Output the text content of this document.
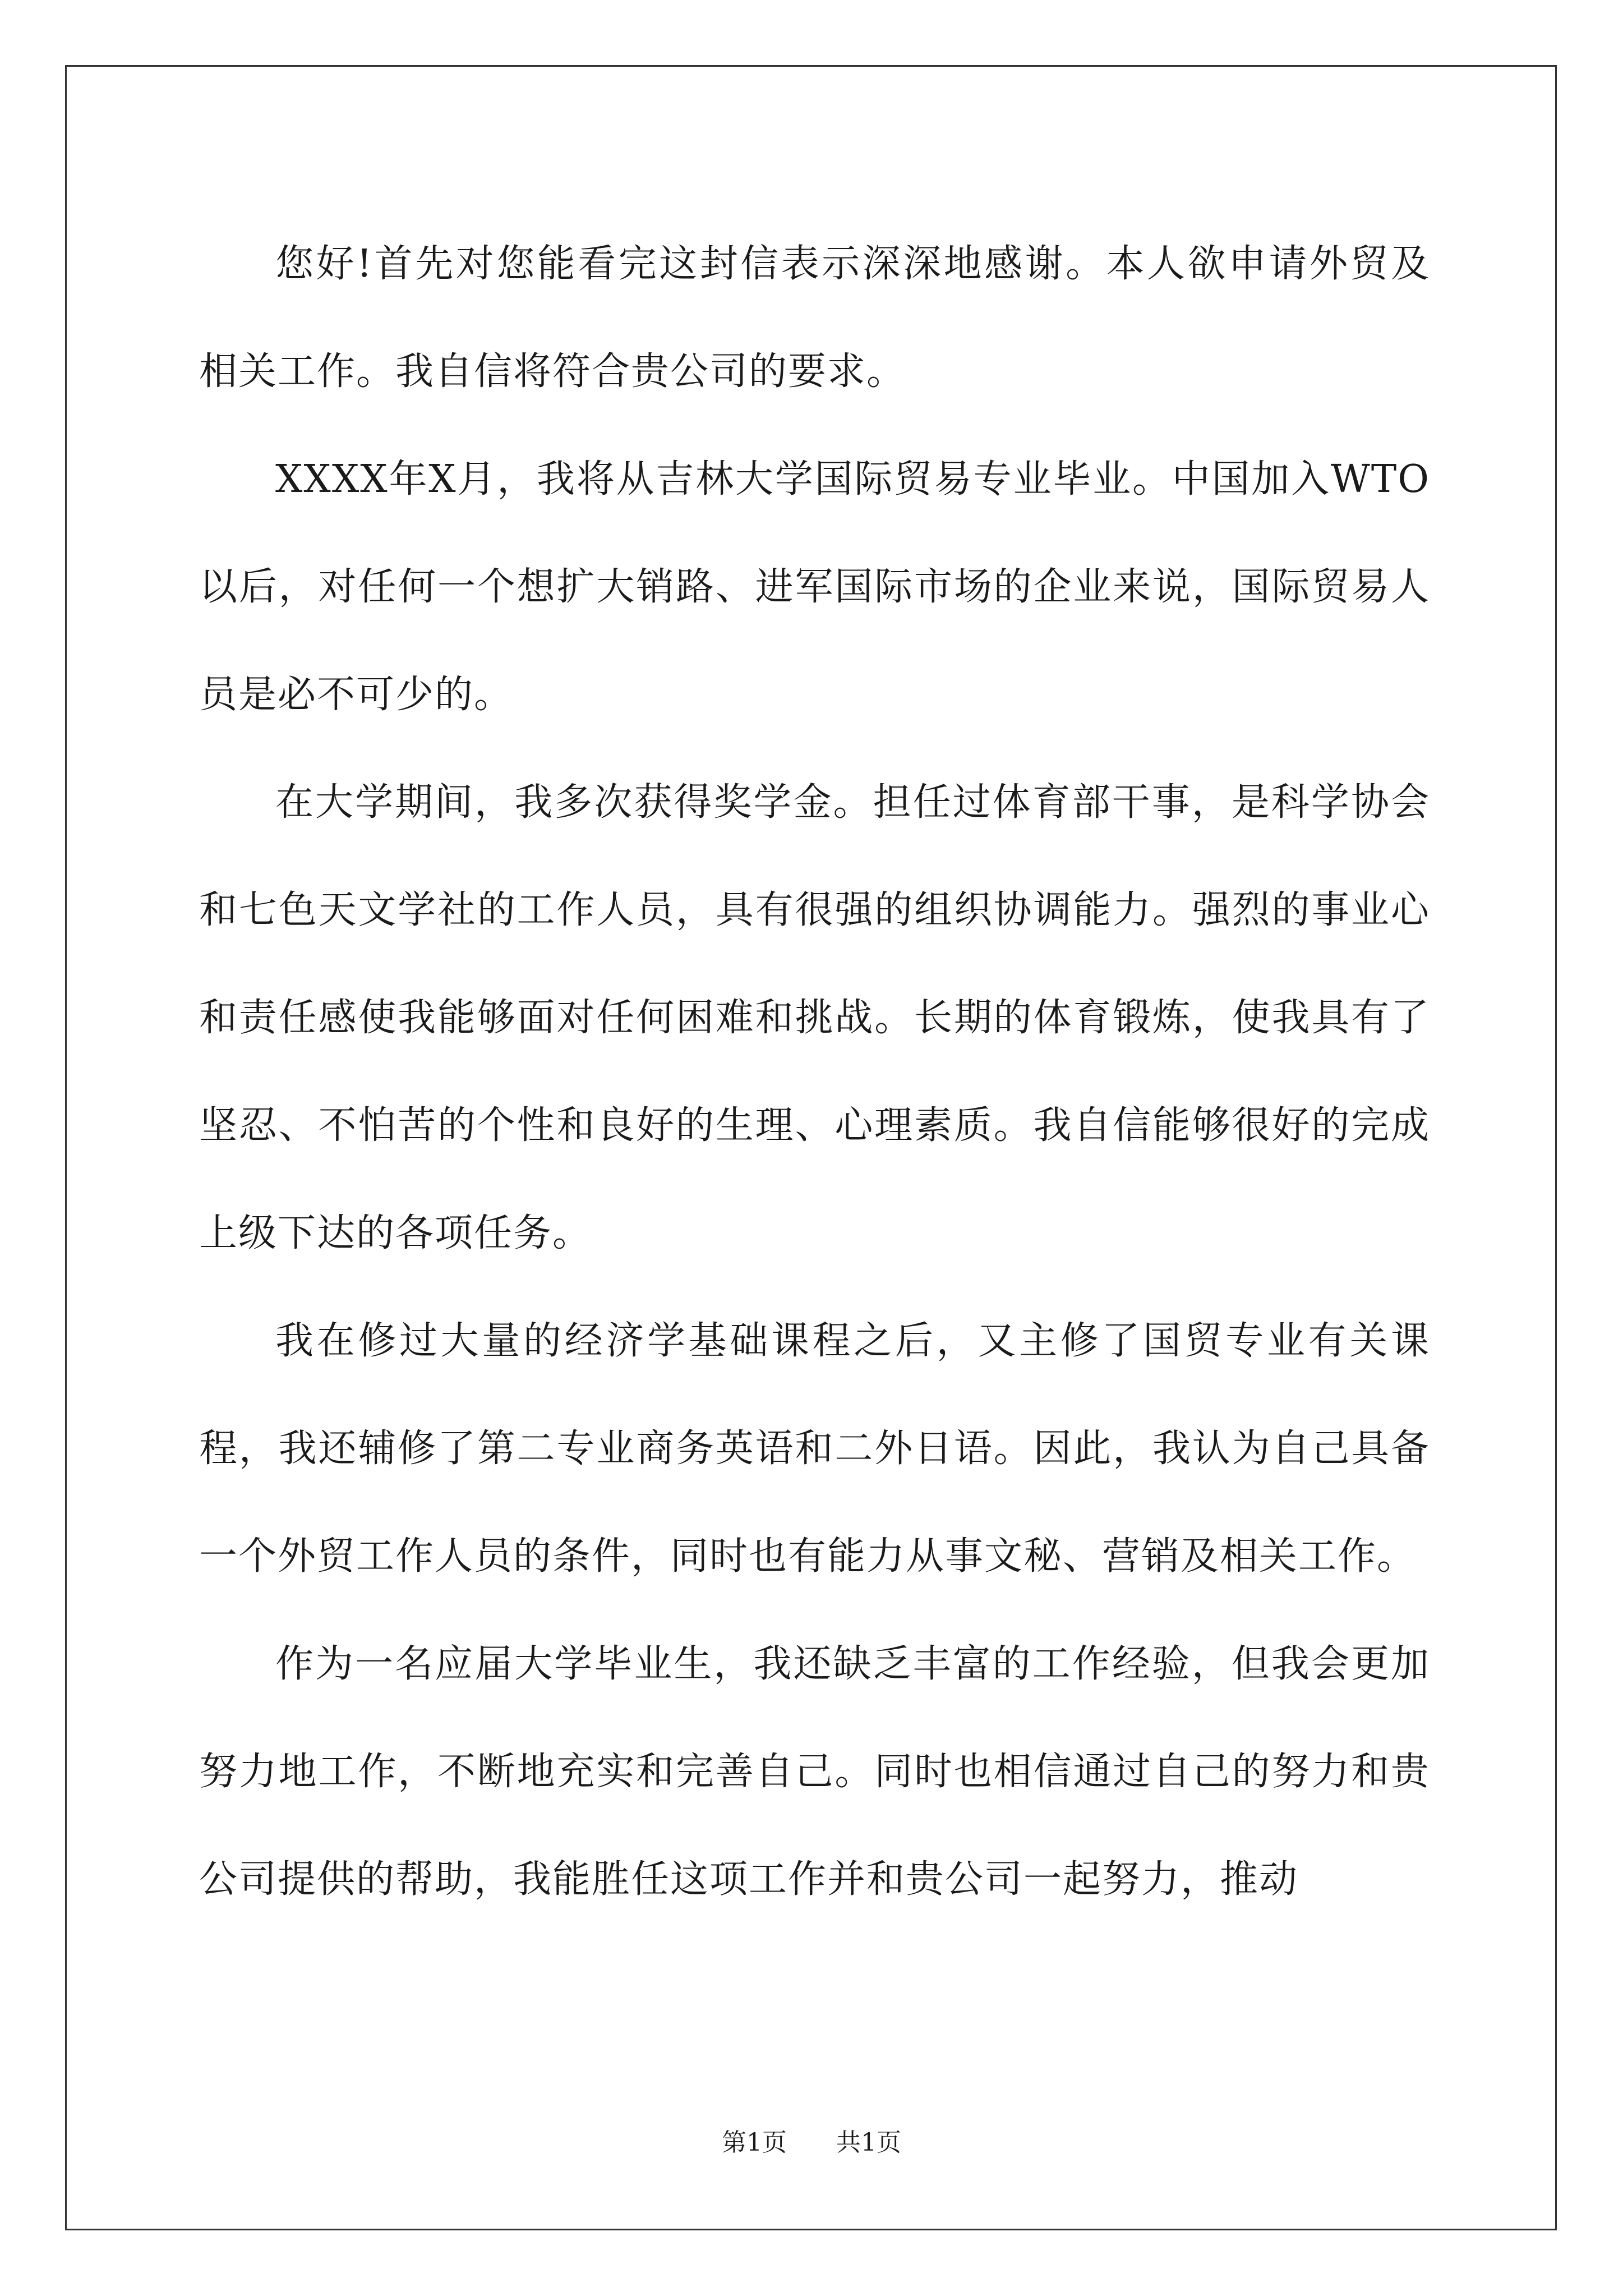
您好!首先对您能看完这封信表示深深地感谢。本人欲申请外贸及相关工作。我自信将符合贵公司的要求。

XXXX年X月，我将从吉林大学国际贸易专业毕业。中国加入WTO以后，对任何一个想扩大销路、进军国际市场的企业来说，国际贸易人员是必不可少的。

在大学期间，我多次获得奖学金。担任过体育部干事，是科学协会和七色天文学社的工作人员，具有很强的组织协调能力。强烈的事业心和责任感使我能够面对任何困难和挑战。长期的体育锻炼，使我具有了坚忍、不怕苦的个性和良好的生理、心理素质。我自信能够很好的完成上级下达的各项任务。

我在修过大量的经济学基础课程之后，又主修了国贸专业有关课程，我还辅修了第二专业商务英语和二外日语。因此，我认为自己具备一个外贸工作人员的条件，同时也有能力从事文秘、营销及相关工作。

作为一名应届大学毕业生，我还缺乏丰富的工作经验，但我会更加努力地工作，不断地充实和完善自己。同时也相信通过自己的努力和贵公司提供的帮助，我能胜任这项工作并和贵公司一起努力，推动

第1页 共1页
